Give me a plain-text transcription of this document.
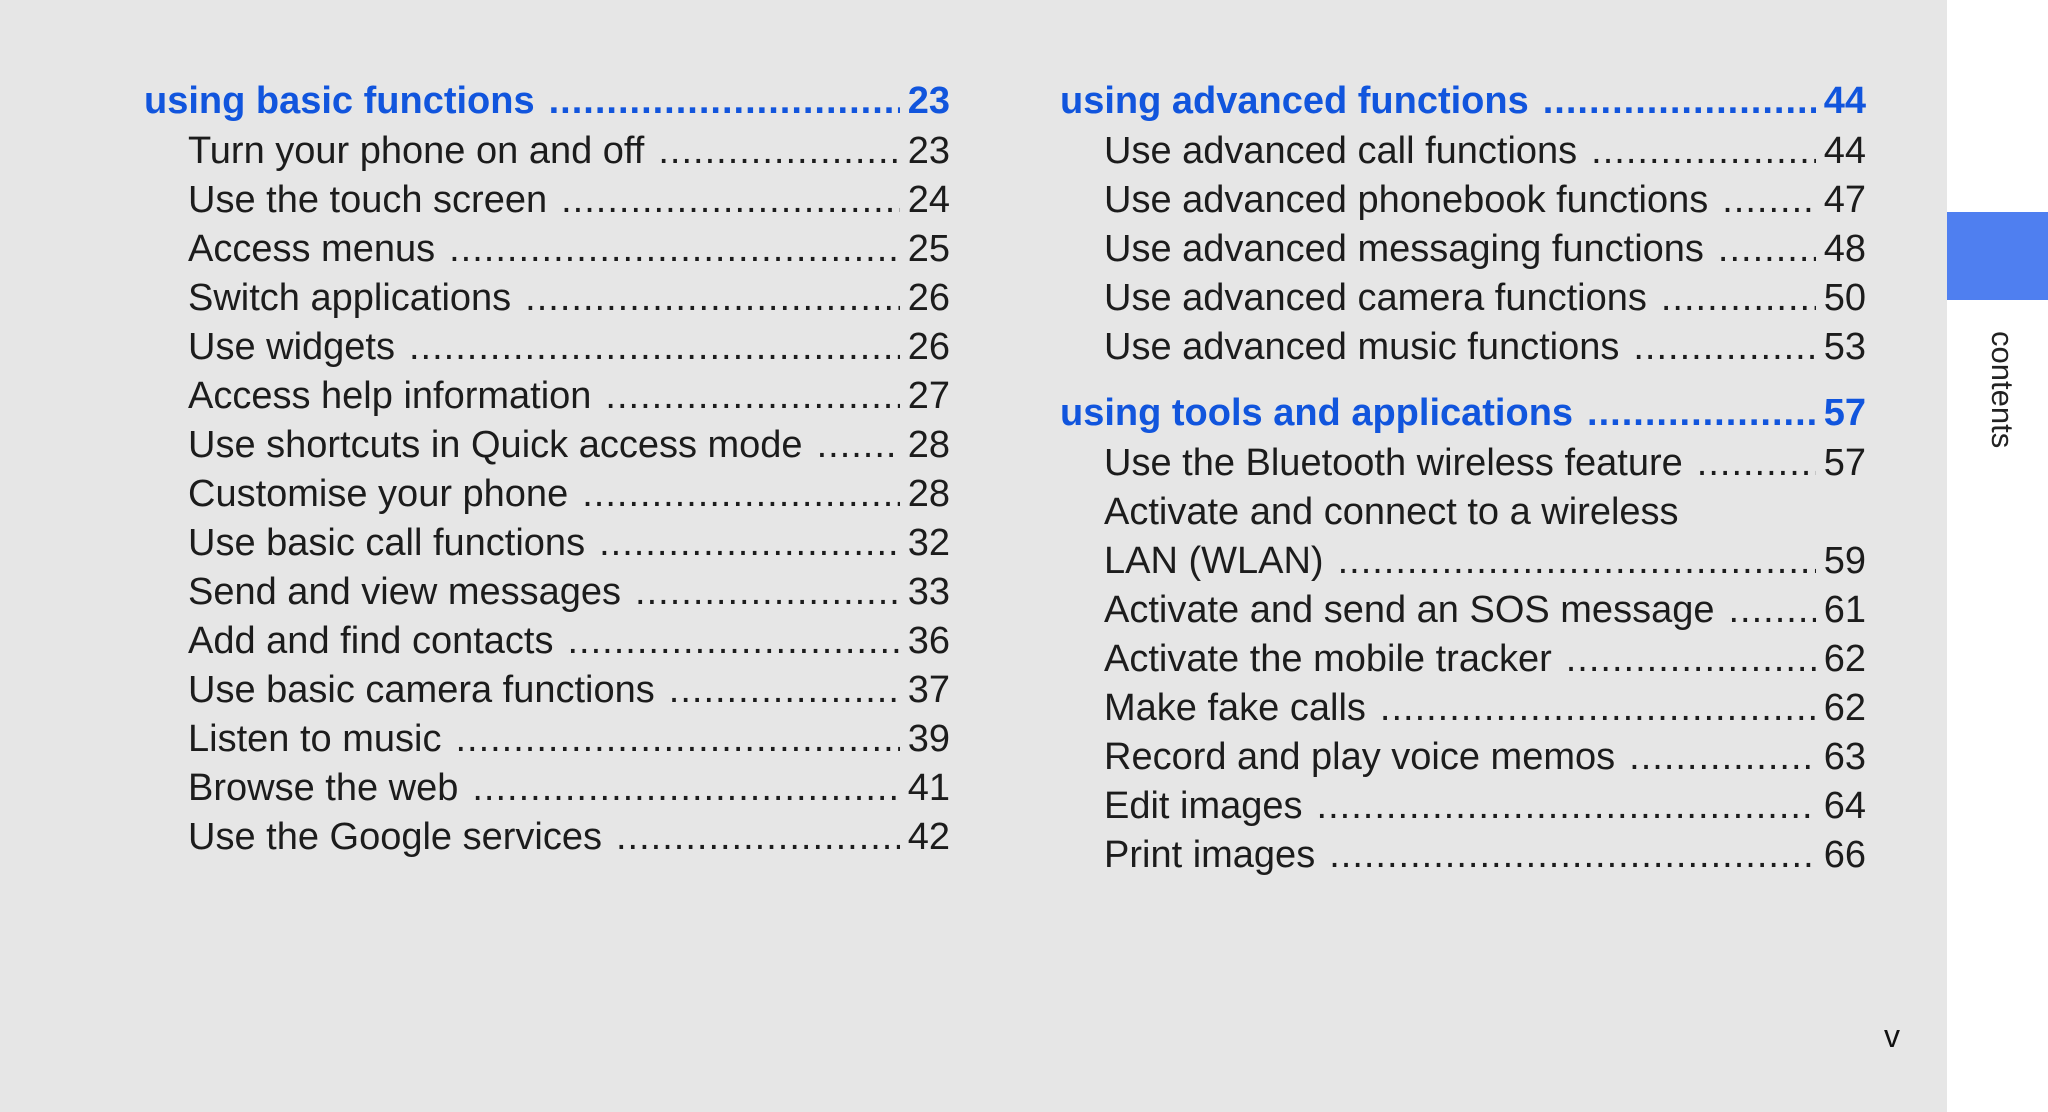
using basic functions .....	23
Turn your phone on and off .....	23
Use the touch screen .....	24
Access menus .....	25
Switch applications .....	26
Use widgets .....	26
Access help information .....	27
Use shortcuts in Quick access mode .....	28
Customise your phone .....	28
Use basic call functions .....	32
Send and view messages .....	33
Add and find contacts .....	36
Use basic camera functions .....	37
Listen to music .....	39
Browse the web .....	41
Use the Google services .....	42
using advanced functions .....	44
Use advanced call functions .....	44
Use advanced phonebook functions .....	47
Use advanced messaging functions .....	48
Use advanced camera functions .....	50
Use advanced music functions .....	53
using tools and applications .....	57
Use the Bluetooth wireless feature .....	57
Activate and connect to a wireless
LAN (WLAN) .....	59
Activate and send an SOS message .....	61
Activate the mobile tracker .....	62
Make fake calls .....	62
Record and play voice memos .....	63
Edit images .....	64
Print images .....	66
v
contents
